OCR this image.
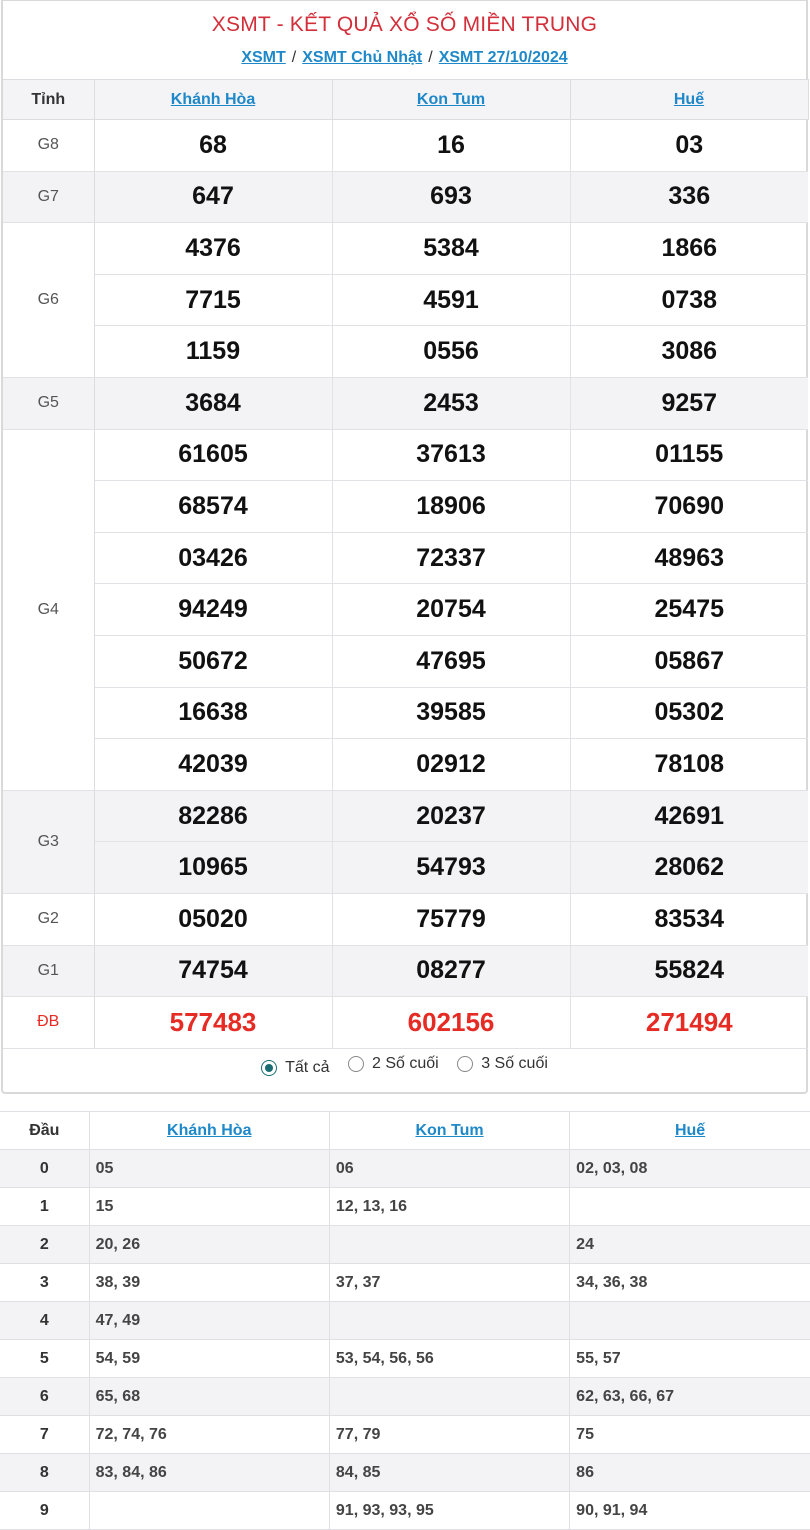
XSMT - KẾT QUẢ XỔ SỐ MIỀN TRUNG
XSMT / XSMT Chủ Nhật / XSMT 27/10/2024
Tỉnh	Khánh Hòa	Kon Tum	Huế
G8	68	16	03
G7	647	693	336
G6	4376	5384	1866
	7715	4591	0738
	1159	0556	3086
G5	3684	2453	9257
G4	61605	37613	01155
	68574	18906	70690
	03426	72337	48963
	94249	20754	25475
	50672	47695	05867
	16638	39585	05302
	42039	02912	78108
G3	82286	20237	42691
	10965	54793	28062
G2	05020	75779	83534
G1	74754	08277	55824
ĐB	577483	602156	271494
Tất cả
	2 Số cuối
	3 Số cuối
Đầu	Khánh Hòa	Kon Tum	Huế
0	05	06	02, 03, 08
1	15	12, 13, 16	
2	20, 26		24
3	38, 39	37, 37	34, 36, 38
4	47, 49		
5	54, 59	53, 54, 56, 56	55, 57
6	65, 68		62, 63, 66, 67
7	72, 74, 76	77, 79	75
8	83, 84, 86	84, 85	86
9		91, 93, 93, 95	90, 91, 94
